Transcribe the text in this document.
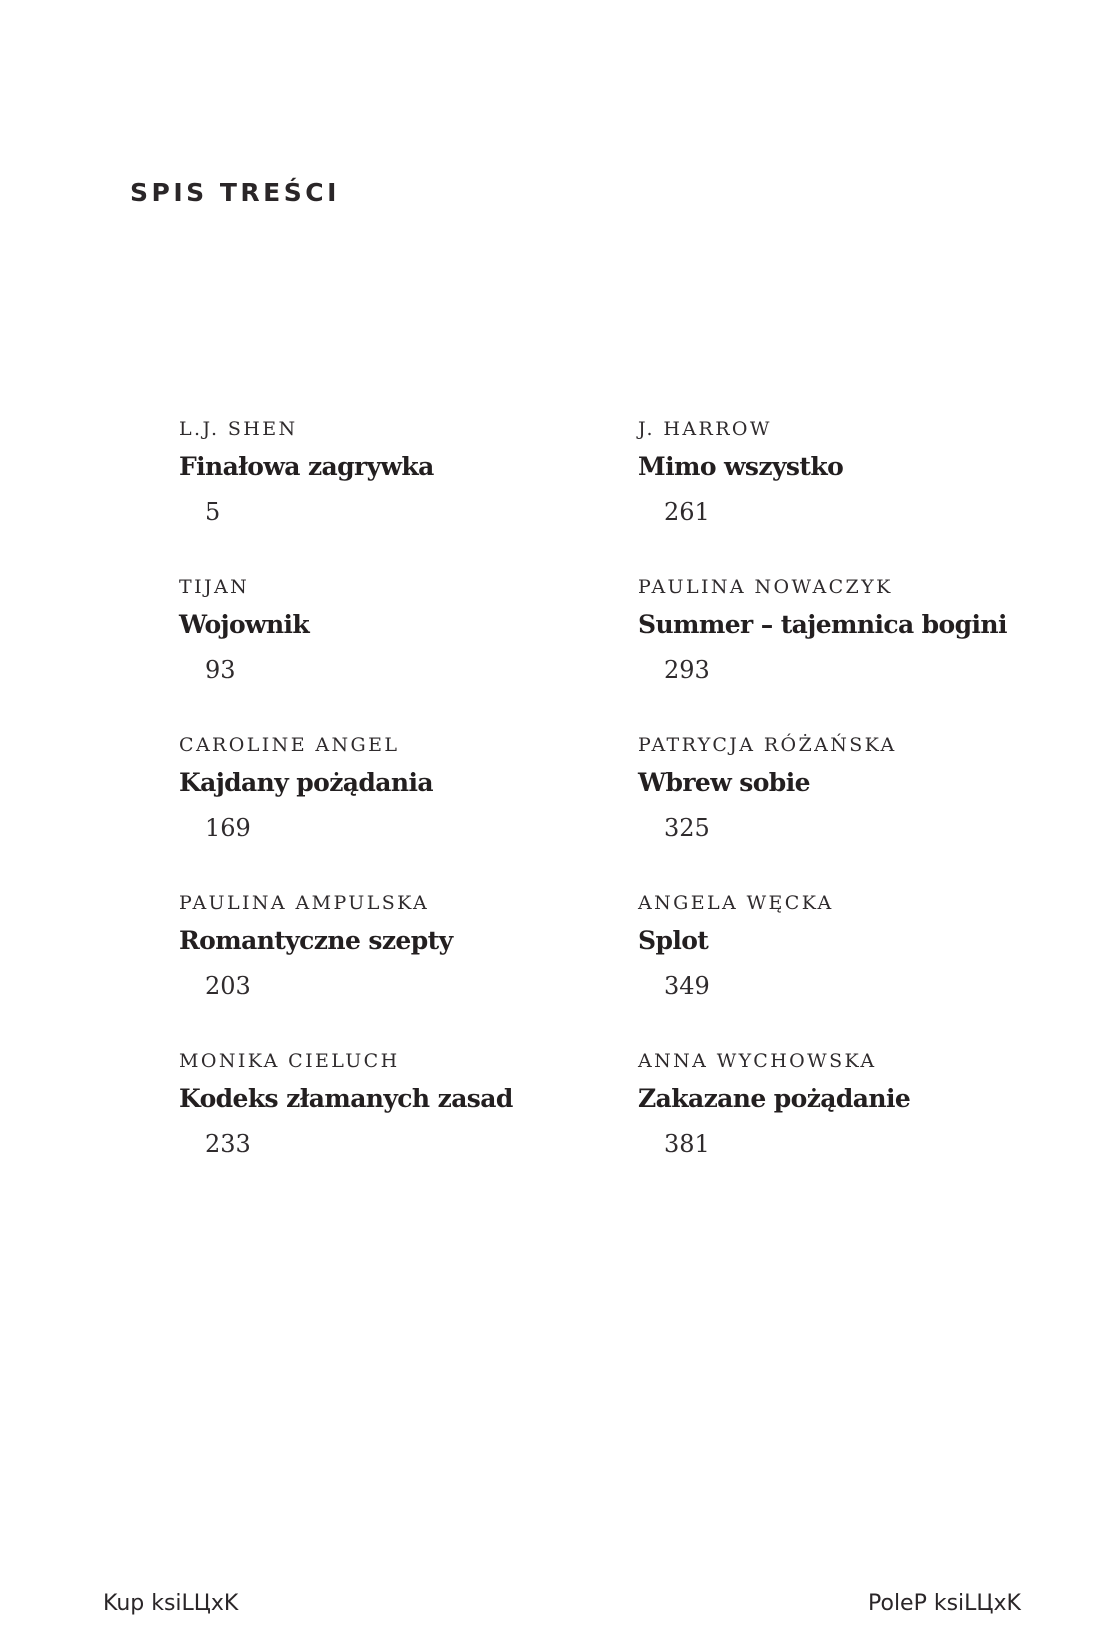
SPIS TREŚCI
L.J. SHEN
Finałowa zagrywka
5
TIJAN
Wojownik
93
CAROLINE ANGEL
Kajdany pożądania
169
PAULINA AMPULSKA
Romantyczne szepty
203
MONIKA CIELUCH
Kodeks złamanych zasad
233
J. HARROW
Mimo wszystko
261
PAULINA NOWACZYK
Summer – tajemnica bogini
293
PATRYCJA RÓŻAŃSKA
Wbrew sobie
325
ANGELA WĘCKA
Splot
349
ANNA WYCHOWSKA
Zakazane pożądanie
381
Kup ksiLЦxK	PoleP ksiLЦxK
